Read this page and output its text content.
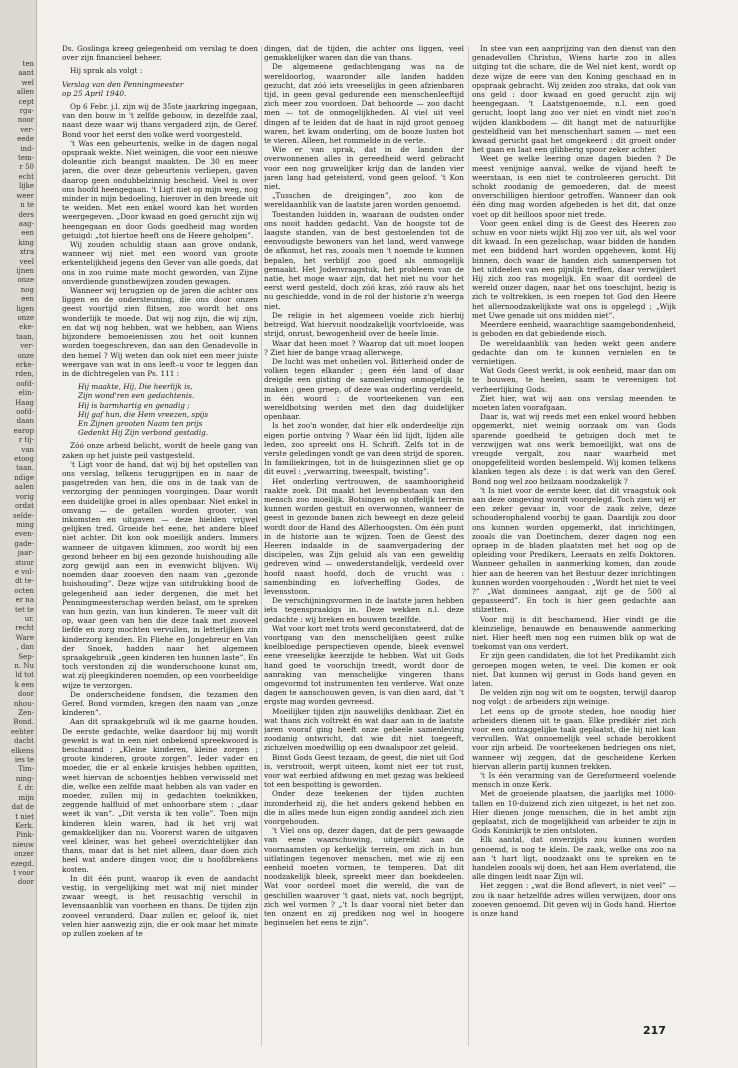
ten
aant
wel
allen
cept
rga-
noor
ver-
eede
ind-
tem-
r 50
echt
lijke
weer
n te
ders
aag-
een
king
xtra
veel
ijnen
onze
nog
een
ligen
onze
eke-
taan,
ver-
onze
erke-
rden,
oofd-
elin-
Haag
oofd-
daan
earop
r tij-
van
etoog
taan.
ndige
aalen
vorig
ordat
selde-
ming
even-
gade-
jaar-
stuur
e vol-
dt te-
octen
er na
tet te
ur.
recht
Ware
, dan
Sep-
n. Nu
ld tot
k een
door
nhou-
Zen-
Bond.
eehter
dacht
elkens
ies te
Tim-
ning-
f. dr.
mijn
dat de
t niet
Kerk.
Pink-
nieuw
onzer
ezegd.
t voor
door

Ds. Goslinga kreeg gelegenheid om verslag te doen over zijn financieel beheer.

Hij sprak als volgt :

Verslag van den Penningmeester

op 25 April 1940.

Op 6 Febr. j.l. zijn wij de 35ste jaarkring ingegaan, van den bouw in 't zelfde gebouw, in dezelfde zaal, naast deze waar wij thans vergaderd zijn, de Geref. Bond voor het eerst den volke werd voorgesteld.

't Was een gebeurtenis, welke in de dagen nogal opspraak wekte. Niet weinigen, die voor een nieuwe doleantie zich beangst maakten. De 30 en meer jaren, die over deze gebeurtenis verliepen, gaven daarop geen ondubbelzinnig bescheid. Veel is over ons hoofd heengegaan. 't Ligt niet op mijn weg, nog minder in mijn bedoeling, hierover in den breede uit te weiden. Met een enkel woord kan het worden weergegeven. „Door kwaad en goed gerucht zijn wij heengegaan en door Gods goedheid mag worden getuigd: „tot hiertoe heeft ons de Heere geholpen”.

Wij zouden schuldig staan aan grove ondank, wanneer wij niet met een woord van groote erkentelijkheid jegens den Gever van alle goeds, dat ons in zoo ruime mate mocht geworden, van Zijne onverdiende gunstbewijzen zouden gewagen.

Wanneer wij terugzien op de jaren die achter ons liggen en de ondersteuning, die ons door onzen geest voortijd zien flitsen, zoo wordt het ons wonderlijk te moede. Dat wij nog zijn, die wij zijn, en dat wij nog hebben, wat we hebben, aan Wiens bijzondere bemoeienissen zou het ooit kunnen worden toegeschreven, dan aan den Genadevolle in den hemel ? Wij weten dan ook niet een meer juiste weergave van wat in ons leeft–u voor te leggen dan in de dichtregelen van Ps. 111 :

Hij maakte, Hij, Die heerlijk is,
Zijn wond'ren een gedachtenis.
Hij is barmhartig en genadig ;
Hij gaf hun, die Hem vreezen, spijs
En Zijnen grooten Naam ten prijs
Gedenkt Hij Zijn verbond gestadig.

Zóó onze arbeid belicht, wordt de heele gang van zaken op het juiste peil vastgesteld.

't Ligt voor de hand, dat wij bij het opstellen van ons verslag, telkens teruggrijpen en in naar de pasgetreden van hen, die ons in de taak van de verzorging der penningen voorgingen. Daar wordt een duidelijke groei in alles openbaar. Niet enkel in omvang — de getallen worden grooter, van inkomsten en uitgaven — deze hielden vrijwel gelijken tred. Groeide het eene, het andere bleef niet achter. Dit kon ook moeilijk anders. Immers wanneer de uitgaven klimmen, zoo wordt bij een gezond beheer en bij een gezonde huishouding alle zorg gewijd aan een in evenwicht blijven. Wij noemden daar zooeven den naam van „gezonde huishouding”. Deze wijze van uitdrukking bood de gelegenheid aan ieder dergenen, die met het Penningmeesterschap werden belast, om te spreken van hun gezin, van hun kinderen. Te meer valt dit op, waar geen van hen die deze taak met zooveel liefde en zorg mochten vervullen, in letterlijken zin kinderzorg kenden. En Fliehe en Jongebreur en Van der Snoek, hadden naar het algemeen spraakgebruik „geen kinderen ten hunnen laste”. En toch verstonden zij die wonderschoone kunst om, wat zij pleegkinderen noemden, op een voorbeeldige wijze te verzorgen.

De onderscheidene fondsen, die tezamen den Geref. Bond vormden, kregen den naam van „onze kinderen”.

Aan dit spraakgebruik wil ik me gaarne houden. De eerste gedachte, welke daardoor bij mij wordt gewekt is wat in een niet onbekend spreekwoord is beschaamd : „Kleine kinderen, kleine zorgen ; groote kinderen, groote zorgen”. Ieder vader en moeder, die er al enkele kruisjes hebben opzitten, weet hiervan de schoentjes hebben verwisseld met die, welke een zelfde maat hebben als van vader en moeder, zullen mij in gedachten toeknikken, zeggende halfluid of met onhoorbare stem : „daar weet ik van”. „Dit versta ik ten volle”. Toen mijn kinderen klein waren, had ik het vrij wat gemakkelijker dan nu. Voorerst waren de uitgaven veel kleiner, was het geheel overzichtelijker dan thans, maar dat is het niet alleen, daar doen zich heel wat andere dingen voor, die u hoofdbrekens kosten.

In dit één punt, waarop ik even de aandacht vestig, in vergelijking met wat mij niet minder zwaar weegt, is het reusachtig verschil in levensaanblik van voorheen en thans. De tijden zijn zooveel veranderd. Daar zullen er, geloof ik, niet velen hier aanwezig zijn, die er ook maar het minste op zullen zoeken af te

dingen, dat de tijden, die achter ons liggen, veel gemakkelijker waren dan die van thans.

De algemeene gedachtengang was na de wereldoorlog, waaronder alle landen hadden gezucht, dat zóó iets vreeselijks in geen afzienbaren tijd, in geen geval gedurende een menschenleeftijd zich meer zou voordoen. Dat behoorde — zoo dacht men — tot de onmogelijkheden. Al viel uit veel dingen af te leiden dat de haat in nijd groot genoeg waren, het kwam onderling, om de booze lusten bot te vieren. Alleen, het rommelde in de verte.

Wie er van sprak, dat in de landen der overwonnenen alles in gereedheid werd gebracht voor een nog gruwelijker krijg dan de landen vier jaren lang had geteisterd, vond geen geloof. 't Kon niet.

„Tusschen de dreigingen”, zoo kon de wereldaanblik van de laatste jaren worden genoemd.

Toestanden luidden in, waaraan de oudsten onder ons nooit hadden gedacht. Van de hoogste tot de laagste standen, van de best gestoelenden tot de eenvoudigste bewoners van het land, werd vanwege de afkomst, het ras, zooals men 't noemde te kunnen bepalen, het verblijf zoo goed als onmogelijk gemaakt. Het Jodenvraagstuk, het probleem van de natie, het moge waar zijn, dat het niet nu voor het eerst werd gesteld, doch zóó kras, zóó rauw als het nu geschiedde, vond in de rol der historie z'n weerga niet.

De religie in het algemeen voelde zich hierbij betreigd. Wat hiervuit noodzakelijk voortvloeide, was strijd, onrust, bewogenheid over de heele linie.

Waar dat heen moet ? Waarop dat uit moet loopen ? Ziet hier de bange vraag allerwege.

De lucht was met onheilen vol. Bitterheid onder de volken tegen elkander ; geen één land of daar dreigde een gisting de samenleving onmogelijk te maken ; geen groep, of deze was onderling verdeeld, in één woord : de voorteekenen van een wereldbotsing werden met den dag duidelijker openbaar.

Is het zoo'n wonder, dat hier elk onderdeelije zijn eigen portie ontving ? Waar één lid lijdt, lijden alle leden, zoo spreekt ons H. Schrift. Zelfs tot in de verste geledingen vondt ge van deen strijd de sporen. In familiekringen, tot in de huisgezinnen sliet ge op dit euvel : „verwarring, tweespalt, twisting”.

Het onderling vertrouwen, de saamhoorigheid raakte zoek. Dit maakt het levensbestaan van den mensch zoo moeilijk. Botsingen op stoffelijk terrein kunnen worden gestuit en overwonnen, wanneer de geest in gezonde banen zich beweegt en deze geleid wordt door de Hand des Allerhoogsten. Om één punt in de historie aan te wijzen. Toen de Geest des Heeren indaalde in de saamvergadering der discipelen, was Zijn geluid als van een geweldig gedreven wind — onwederstandelijk, verdeeld over hoofd naast hoofd, doch de vrucht was : samenbinding en lofverheffing Godes, de levensstoon.

De verschijningsvormen in de laatste jaren hebben iets tegenspraakigs in. Deze wekken n.l. deze gedachte : wij breken en bouwen tezelfde.

Wat voor kort met trots werd geconstateerd, dat de voortgang van den menschelijken geest zulke koelbloedige perspectieven opende, bleek evenwel eene vreeselijke keerzijde te hebben. Wat uit Gods hand goed te voorschijn treedt, wordt door de aanraking van menschelijke vingeren thans omgevormd tot instrumenten ten verderve. Wat onze dagen te aanschouwen geven, is van dien aard, dat 't ergste mag worden gevreesd.

Moeilijker tijden zijn nauwelijks denkbaar. Ziet én wat thans zich voltrekt én wat daar aan in de laatste jaren vooraf ging heeft onze gebeele samenleving zoodanig ontwricht, dat wie dit niet toegeeft, zichzelven moedwillig op een dwaalspoor zet geleid.

Binst Gods Geest tezaam, de geest, die niet uit God is, verstrooit, werpt uiteen, komt niet eer tot rust, voor wat eerbied afdwong en met gezag was bekleed tot een bespotting is geworden.

Onder deze teekenen der tijden zuchten inzonderheid zij, die het anders gekend hebben en die in alles mede hun eigen zondig aandeel zich zien voorgehouden.

't Viel ons op, dezer dagen, dat de pers gewaagde van eene waarschuwing, uitgereikt aan de voornaamsten op kerkelijk terrein, om zich in hun uitlatingen tegenover menschen, met wie zij een eenheid moeten vormen, te temperen. Dat dit noodzakelijk bleek, spreekt meer dan boekdeelen. Wat voor oordeel moet die wereld, die van de geschillen waarover 't gaat, niets vat, noch begrijpt, zich wel vormen ? „'t Is daar vooral niet beter dan ten onzent en zij prediken nog wel in hoogere beginselen het eens te zijn”.

In stee van een aanprijzing van den dienst van den genadevollen Christus, Wiens harte zoo in alles uitging tot die schare, die de Wel niet kent, wordt op deze wijze de eere van den Koning geschaad en in opspraak gebracht. Wij zeiden zoo straks, dat ook van ons geld : door kwaad en goed gerucht zijn wij heengegaan. 't Laatstgenoemde, n.l. een goed gerucht, loopt lang zoo ver niet en vindt niet zoo'n wijden klankbodem — dit hangt met de natuurlijke gesteldheid van het menschenhart samen — met een kwaad gerucht gaat het omgekeerd : dit groeit onder het gaan en laat een glibberig spoor zeker achter.

Weet ge welke leering onze dagen bieden ? De meest venijnige aanval, welke de vijand heeft te weerstaan, is een niet te controleeren gerucht. Dit schokt zoodanig de gemoederen, dat de meest onverschilligen hierdoor getroffen. Wanneer dan ook één ding mag worden afgebeden is het dit, dat onze voet op dit heilloos spoor niet trede.

Voor geen enkel ding is de Geest des Heeren zoo schuw en voor niets wijkt Hij zoo ver uit, als wel voor dit kwaad. In een gezelschap, waar bidden de handen met een biddend hart worden opgeheven, komt Hij binnen, doch waar de handen zich samenpersen tot het uitdeelen van een pijnlijk treffen, daar verwijdert Hij zich zoo ras mogelijk. En waar dit oordeel de wereld onzer dagen, naar het ons toeschijnt, bezig is zich te voltrekken, is een roepen tot God den Heere het allernoodzakelijkste wat ons is opgelegd ; „Wijk met Uwe genade uit ons midden niet”.

Meerdere eenheid, waarachtige saamgebondenheid, is geboden en dat gebiedende eisch.

De wereldaanblik van heden wekt geen andere gedachte dan om te kunnen vernielen en te vernietigen.

Wat Gods Geest werkt, is ook eenheid, maar dan om te bouwen, te heelen, saam te vereenigen tot verheerlijking Gods.

Ziet hier, wat wij aan ons verslag meenden te moeten laten voorafgaan.

Daar is, wat wij reeds met een enkel woord hebben opgemerkt, niet weinig oorzaak om van Gods sparende goedheid te getuigen doch met te verzwijgen wat ons werk bemoeilijkt, wat ons de vreugde vergalt, zou naar waarheid met onopgefeliteid worden beslempeld. Wij komen telkens klanken tegen als deze : is dat werk van den Geref. Bond nog wel zoo heilzaam noodzakelijk ?

't Is niet voor de eerste keer, dat dit vraagstuk ook aan deze omgeving wordt voorgelegd. Toch zien wij er een zeker gevaar in, voor de zaak zelve, deze schouderophalend voorbij te gaan. Daardijk zou door ons kunnen worden opgemerkt, dat inrichtingen, zooals die van Doetinchem, dezer dagen nog een opraep in de bladen plaatsten met het oog op de opleiding voor Predikers, Leeraats en zelfs Doktoren. Wanneer gehallen in aanmerking komen, dan zoude hier aan de heeren van het Bestuur dezer inrichtingen kunnen worden voorgehouden : „Wordt het niet te veel ?” „Wat dominees aangaat, zijt ge de 500 al gepasseerd”. En toch is hier geen gedachte aan stilzetten.

Voor mij is dit beschamend. Hier vindt ge die kleinzielige, benauwde en benauwende aanmerking niet. Hier heeft men nog een ruimen blik op wat de toekomst van ons verdert.

Er zijn geen candidaten, die tot het Predikambt zich geroepen mogen weten, te veel. Die komen er ook niet. Dat kunnen wij gerust in Gods hand geven en laten.

De velden zijn nog wit om te oogsten, terwijl daarop nog volgt : de arbeiders zijn weinige.

Let eens op de groote steden, hoe noodig hier arbeiders dienen uit te gaan. Elke predikér ziet zich voor een ontzaggelijke taak geplaatst, die hij niet kan vervullen. Wat onnoemelijk veel schade berokkent voor zijn arbeid. De voorteekenen bedriegen ons niet, wanneer wij zeggen, dat de gescheidene Kerken hiervan allerin partij kunnen trekken.

't Is één verarming van de Gereformeerd voelende mensch in onze Kerk.

Met de groeiende plaatsen, die jaarlijks met 1000-tallen en 10-duizend zich zien uitgezet, is het net zoo. Hier dienen jonge menschen, die in het ambt zijn geplaatst, zich de mogelijkheid van arbeider te zijn in Gods Koninkrijk te zien ontsloten.

Elk aantal, dat onverzijds zou kunnen worden genoemd, is nog te klein. De zaak, welke ons zoo na aan 't hart ligt, noodzaakt ons te spreken en te handelen zooals wij doen, het aan Hem overlatend, die alle dingen leidt naar Zijn wil.

Het zeggen : „wat die Bond aflevert, is niet veel” — zou ik naar hetzelfde adres willen verwijzen, door ons zooeven genoemd. Dit geven wij in Gods hand. Hiertoe is onze hand

217
